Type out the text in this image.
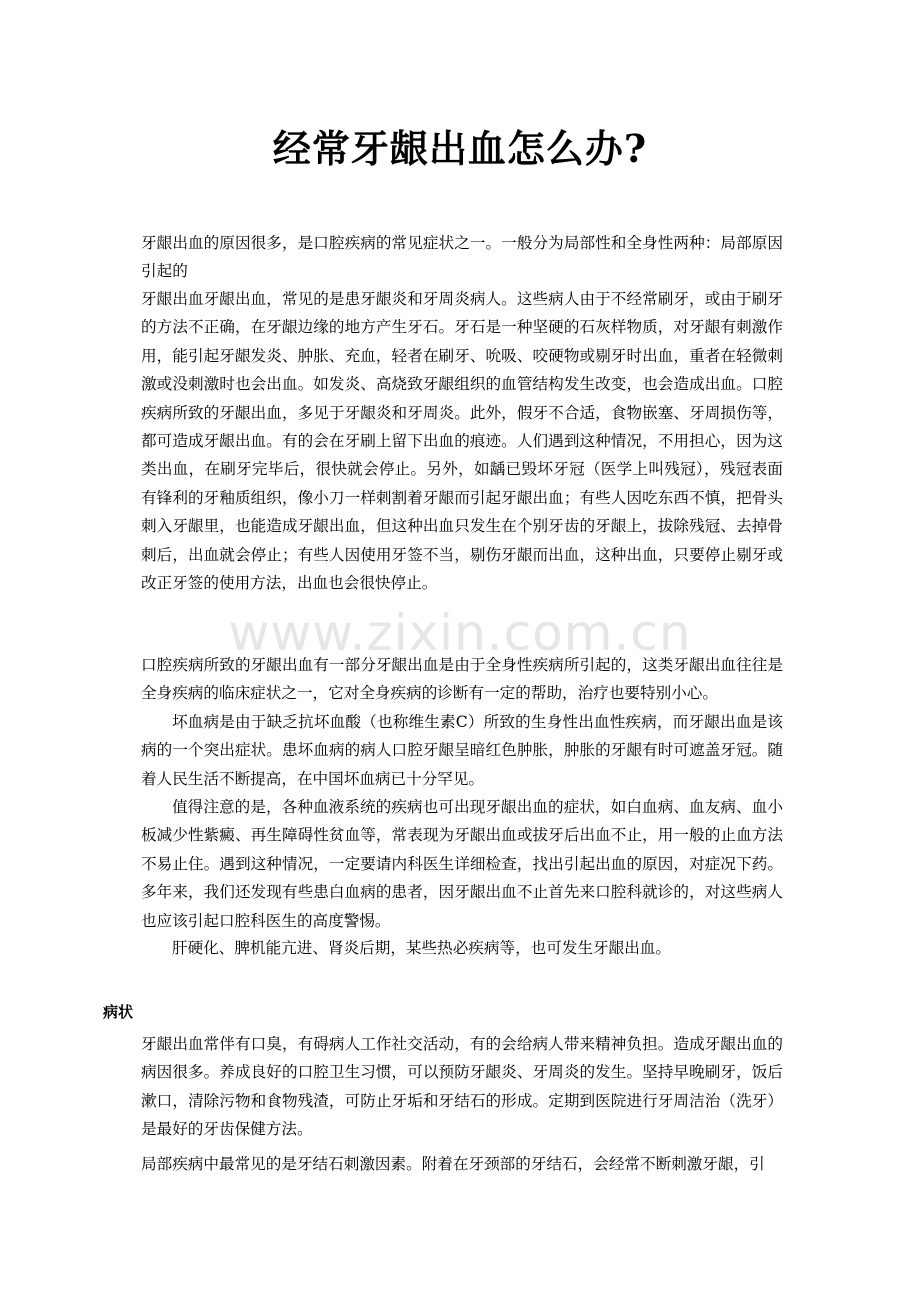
经常牙龈出血怎么办?

牙龈出血的原因很多，是口腔疾病的常见症状之一。一般分为局部性和全身性两种：局部原因引起的

牙龈出血牙龈出血，常见的是患牙龈炎和牙周炎病人。这些病人由于不经常刷牙，或由于刷牙的方法不正确，在牙龈边缘的地方产生牙石。牙石是一种坚硬的石灰样物质，对牙龈有刺激作用，能引起牙龈发炎、肿胀、充血，轻者在刷牙、吮吸、咬硬物或剔牙时出血，重者在轻微刺激或没刺激时也会出血。如发炎、高烧致牙龈组织的血管结构发生改变，也会造成出血。口腔疾病所致的牙龈出血，多见于牙龈炎和牙周炎。此外，假牙不合适，食物嵌塞、牙周损伤等，都可造成牙龈出血。有的会在牙刷上留下出血的痕迹。人们遇到这种情况，不用担心，因为这类出血，在刷牙完毕后，很快就会停止。另外，如龋已毁坏牙冠（医学上叫残冠），残冠表面有锋利的牙釉质组织，像小刀一样刺割着牙龈而引起牙龈出血；有些人因吃东西不慎，把骨头刺入牙龈里，也能造成牙龈出血，但这种出血只发生在个别牙齿的牙龈上，拔除残冠、去掉骨刺后，出血就会停止；有些人因使用牙签不当，剔伤牙龈而出血，这种出血，只要停止剔牙或改正牙签的使用方法，出血也会很快停止。

www.zixin.com.cn

口腔疾病所致的牙龈出血有一部分牙龈出血是由于全身性疾病所引起的，这类牙龈出血往往是全身疾病的临床症状之一，它对全身疾病的诊断有一定的帮助，治疗也要特别小心。

坏血病是由于缺乏抗坏血酸（也称维生素C）所致的生身性出血性疾病，而牙龈出血是该病的一个突出症状。患坏血病的病人口腔牙龈呈暗红色肿胀，肿胀的牙龈有时可遮盖牙冠。随着人民生活不断提高，在中国坏血病已十分罕见。

值得注意的是，各种血液系统的疾病也可出现牙龈出血的症状，如白血病、血友病、血小板减少性紫癜、再生障碍性贫血等，常表现为牙龈出血或拔牙后出血不止，用一般的止血方法不易止住。遇到这种情况，一定要请内科医生详细检查，找出引起出血的原因，对症况下药。多年来，我们还发现有些患白血病的患者，因牙龈出血不止首先来口腔科就诊的，对这些病人也应该引起口腔科医生的高度警惕。

肝硬化、脾机能亢进、肾炎后期，某些热必疾病等，也可发生牙龈出血。

病状

牙龈出血常伴有口臭，有碍病人工作社交活动，有的会给病人带来精神负担。造成牙龈出血的病因很多。养成良好的口腔卫生习惯，可以预防牙龈炎、牙周炎的发生。坚持早晚刷牙，饭后漱口，清除污物和食物残渣，可防止牙垢和牙结石的形成。定期到医院进行牙周洁治（洗牙）是最好的牙齿保健方法。

局部疾病中最常见的是牙结石刺激因素。附着在牙颈部的牙结石，会经常不断刺激牙龈，引
